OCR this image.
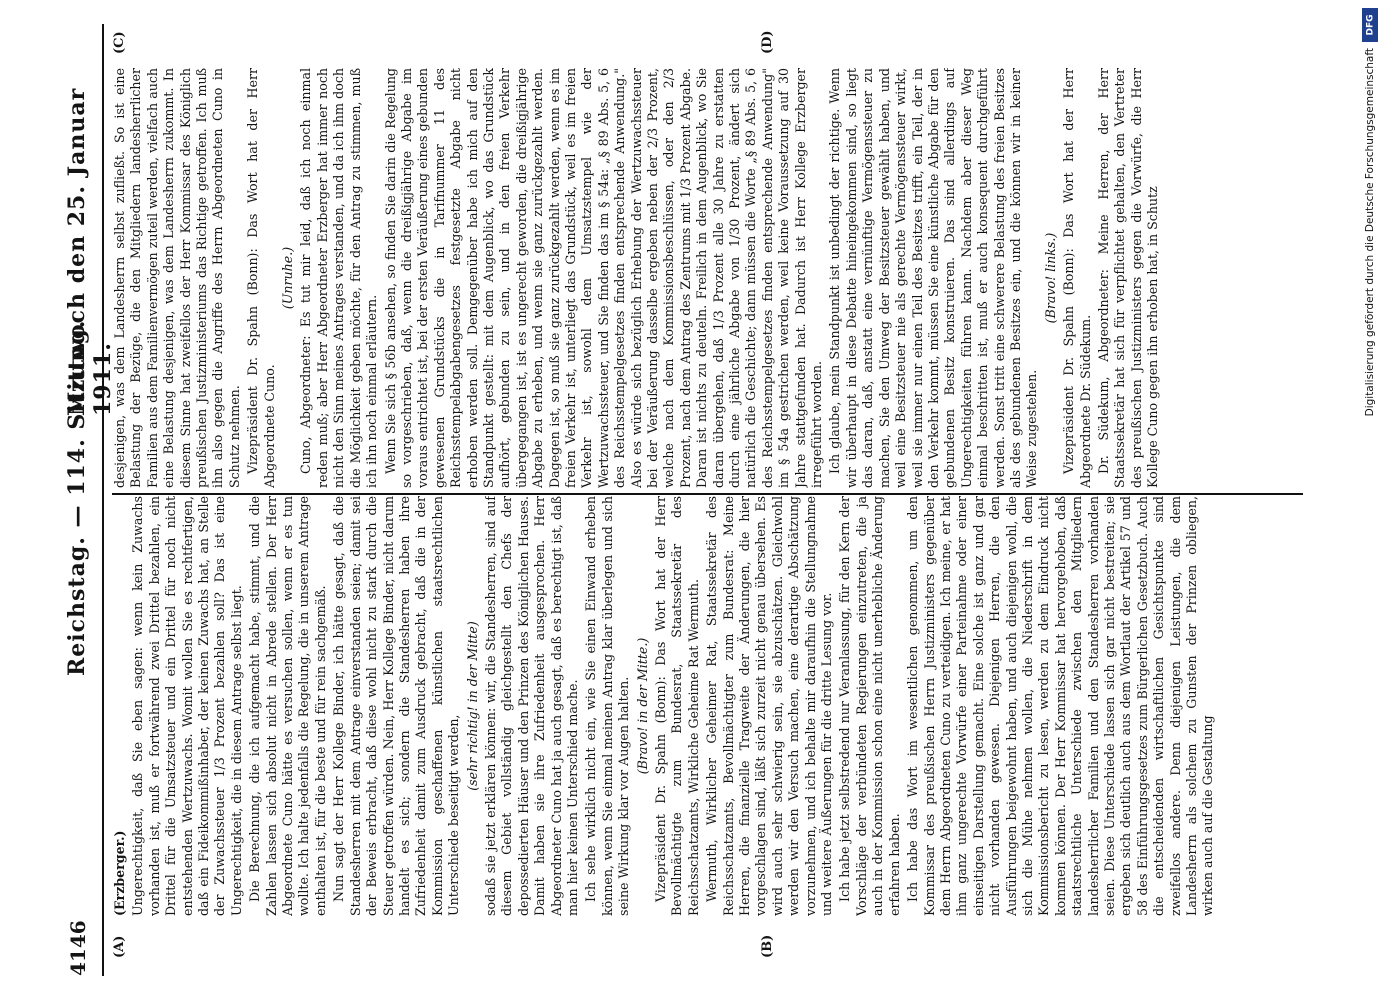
4146
Reichstag. — 114. Sitzung.
Mittwoch den 25. Januar 1911.
(A)	(B)
(C)	(D)

(Erzberger.) Ungerechtigkeit, daß Sie eben sagen: wenn kein Zuwachs vorhanden ist, muß er fortwährend zwei Drittel bezahlen, ein Drittel für die Umsatzsteuer und ein Drittel für noch nicht entstehenden Wertzuwachs. Womit wollen Sie es rechtfertigen, daß ein Fideikommißinhaber, der keinen Zuwachs hat, an Stelle der Zuwachssteuer 1/3 Prozent bezahlen soll? Das ist eine Ungerechtigkeit, die in diesem Antrage selbst liegt. Die Berechnung, die ich aufgemacht habe, stimmt, und die Zahlen lassen sich absolut nicht in Abrede stellen. Der Herr Abgeordnete Cuno hätte es versuchen sollen, wenn er es tun wollte. Ich halte jedenfalls die Regelung, die in unserem Antrage enthalten ist, für die beste und für rein sachgemäß. Nun sagt der Herr Kollege Binder, ich hätte gesagt, daß die Standesherren mit dem Antrage einverstanden seien; damit sei der Beweis erbracht, daß diese wohl nicht zu stark durch die Steuer getroffen würden. Nein, Herr Kollege Binder, nicht darum handelt es sich; sondern die Standesherren haben ihre Zufriedenheit damit zum Ausdruck gebracht, daß die in der Kommission geschaffenen künstlichen staatsrechtlichen Unterschiede beseitigt werden,

(sehr richtig! in der Mitte) sodaß sie jetzt erklären können: wir, die Standesherren, sind auf diesem Gebiet vollständig gleichgestellt den Chefs der depossedierten Häuser und den Prinzen des Königlichen Hauses. Damit haben sie ihre Zufriedenheit ausgesprochen. Herr Abgeordneter Cuno hat ja auch gesagt, daß es berechtigt ist, daß man hier keinen Unterschied mache. Ich sehe wirklich nicht ein, wie Sie einen Einwand erheben können, wenn Sie einmal meinen Antrag klar überlegen und sich seine Wirkung klar vor Augen halten. (Bravo! in der Mitte.) Vizepräsident Dr. Spahn (Bonn): Das Wort hat der Herr Bevollmächtigte zum Bundesrat, Staatssekretär des Reichsschatzamts, Wirkliche Geheime Rat Wermuth. Wermuth, Wirklicher Geheimer Rat, Staatssekretär des Reichsschatzamts, Bevollmächtigter zum Bundesrat: Meine Herren, die finanzielle Tragweite der Änderungen, die hier vorgeschlagen sind, läßt sich zurzeit nicht genau übersehen. Es wird auch sehr schwierig sein, sie abzuschätzen. Gleichwohl werden wir den Versuch machen, eine derartige Abschätzung vorzunehmen, und ich behalte mir daraufhin die Stellungnahme und weitere Äußerungen für die dritte Lesung vor. Ich habe jetzt selbstredend nur Veranlassung, für den Kern der Vorschläge der verbündeten Regierungen einzutreten, die ja auch in der Kommission schon eine nicht unerhebliche Änderung erfahren haben. Ich habe das Wort im wesentlichen genommen, um den Kommissar des preußischen Herrn Justizministers gegenüber dem Herrn Abgeordneten Cuno zu verteidigen. Ich meine, er hat ihm ganz ungerechte Vorwürfe einer Parteinahme oder einer einseitigen Darstellung gemacht. Eine solche ist ganz und gar nicht vorhanden gewesen. Diejenigen Herren, die den Ausführungen beigewohnt haben, und auch diejenigen wohl, die sich die Mühe nehmen wollen, die Niederschrift in dem Kommissionsbericht zu lesen, werden zu dem Eindruck nicht kommen können. Der Herr Kommissar hat hervorgehoben, daß staatsrechtliche Unterschiede zwischen den Mitgliedern landesherrlicher Familien und den Standesherren vorhanden seien. Diese Unterschiede lassen sich gar nicht bestreiten; sie ergeben sich deutlich auch aus dem Wortlaut der Artikel 57 und 58 des Einführungsgesetzes zum Bürgerlichen Gesetzbuch. Auch die entscheidenden wirtschaftlichen Gesichtspunkte sind zweifellos andere. Denn diejenigen Leistungen, die dem Landesherrn als solchem zu Gunsten der Prinzen obliegen, wirken auch auf die Gestaltung

desjenigen, was dem Landesherrn selbst zufließt. So ist eine Belastung der Bezüge, die den Mitgliedern landesherrlicher Familien aus dem Familienvermögen zuteil werden, vielfach auch eine Belastung desjenigen, was dem Landesherrn zukommt. In diesem Sinne hat zweifellos der Herr Kommissar des Königlich preußischen Justizministeriums das Richtige getroffen. Ich muß ihn also gegen die Angriffe des Herrn Abgeordneten Cuno in Schutz nehmen. Vizepräsident Dr. Spahn (Bonn): Das Wort hat der Herr Abgeordnete Cuno.

(Unruhe.) Cuno, Abgeordneter: Es tut mir leid, daß ich noch einmal reden muß; aber Herr Abgeordneter Erzberger hat immer noch nicht den Sinn meines Antrages verstanden, und da ich ihm doch die Möglichkeit geben möchte, für den Antrag zu stimmen, muß ich ihn noch einmal erläutern. Wenn Sie sich § 56b ansehen, so finden Sie darin die Regelung so vorgeschrieben, daß, wenn die dreißigjährige Abgabe im voraus entrichtet ist, bei der ersten Veräußerung eines gebunden gewesenen Grundstücks die in Tarifnummer 11 des Reichsstempelabgabengesetzes festgesetzte Abgabe nicht erhoben werden soll. Demgegenüber habe ich mich auf den Standpunkt gestellt: mit dem Augenblick, wo das Grundstück aufhört, gebunden zu sein, und in den freien Verkehr übergegangen ist, ist es ungerecht geworden, die dreißigjährige Abgabe zu erheben, und wenn sie ganz zurückgezahlt werden. Dagegen ist, so muß sie ganz zurückgezahlt werden, wenn es im freien Verkehr ist, unterliegt das Grundstück, weil es im freien Verkehr ist, sowohl dem Umsatzstempel wie der Wertzuwachssteuer, und Sie finden das im § 54a: „§ 89 Abs. 5, 6 des Reichsstempelgesetzes finden entsprechende Anwendung." Also es würde sich bezüglich Erhebung der Wertzuwachssteuer bei der Veräußerung dasselbe ergeben neben der 2/3 Prozent, welche nach dem Kommissionsbeschlüssen, oder den 2/3 Prozent, nach dem Antrag des Zentrums mit 1/3 Prozent Abgabe. Daran ist nichts zu deuteln. Freilich in dem Augenblick, wo Sie daran übergehen, daß 1/3 Prozent alle 30 Jahre zu erstatten durch eine jährliche Abgabe von 1/30 Prozent, ändert sich natürlich die Geschichte; dann müssen die Worte „§ 89 Abs. 5, 6 des Reichsstempelgesetzes finden entsprechende Anwendung" im § 54a gestrichen werden, weil keine Voraussetzung auf 30 Jahre stattgefunden hat. Dadurch ist Herr Kollege Erzberger irregeführt worden. Ich glaube, mein Standpunkt ist unbedingt der richtige. Wenn wir überhaupt in diese Debatte hineingekommen sind, so liegt das daran, daß, anstatt eine vernünftige Vermögenssteuer zu machen, Sie den Umweg der Besitzsteuer gewählt haben, und weil eine Besitzsteuer nie als gerechte Vermögenssteuer wirkt, weil sie immer nur einen Teil des Besitzes trifft, ein Teil, der in den Verkehr kommt, müssen Sie eine künstliche Abgabe für den gebundenen Besitz konstruieren. Das sind allerdings auf Ungerechtigkeiten führen kann. Nachdem aber dieser Weg einmal beschritten ist, muß er auch konsequent durchgeführt werden. Sonst tritt eine schwerere Belastung des freien Besitzes als des gebundenen Besitzes ein, und die können wir in keiner Weise zugestehen.

(Bravo! links.) Vizepräsident Dr. Spahn (Bonn): Das Wort hat der Herr Abgeordnete Dr. Südekum. Dr. Südekum, Abgeordneter: Meine Herren, der Herr Staatssekretär hat sich für verpflichtet gehalten, den Vertreter des preußischen Justizministers gegen die Vorwürfe, die Herr Kollege Cuno gegen ihn erhoben hat, in Schutz

DFG
Digitalisierung gefördert durch die Deutsche Forschungsgemeinschaft
